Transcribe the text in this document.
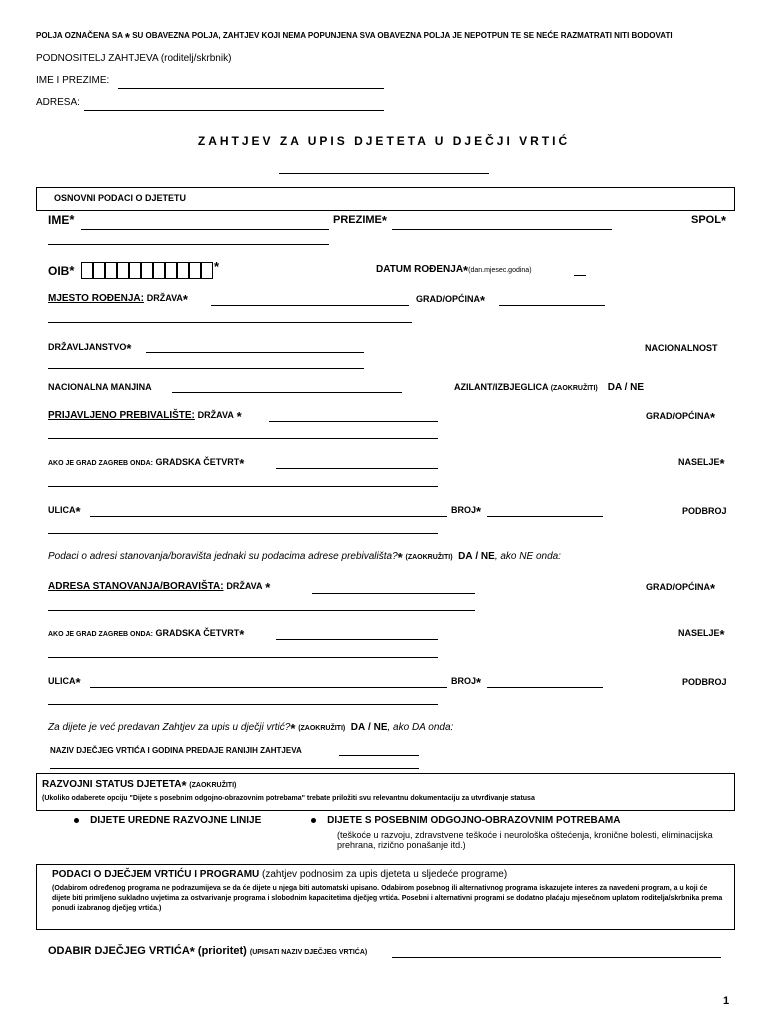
POLJA OZNAČENA SA * SU OBAVEZNA POLJA, ZAHTJEV KOJI NEMA POPUNJENA SVA OBAVEZNA POLJA JE NEPOTPUN TE SE NEĆE RAZMATRATI NITI BODOVATI
PODNOSITELJ ZAHTJEVA (roditelj/skrbnik)
IME I PREZIME:
ADRESA:
ZAHTJEV ZA UPIS DJETETA U DJEČJI VRTIĆ
OSNOVNI PODACI O DJETETU
IME*	PREZIME*	SPOL*
OIB*	*	DATUM ROĐENJA*(dan.mjesec.godina)
MJESTO ROĐENJA: DRŽAVA*	GRAD/OPĆINA*
DRŽAVLJANSTVO*	NACIONALNOST
NACIONALNA MANJINA	AZILANT/IZBJEGLICA (ZAOKRUŽITI) DA / NE
PRIJAVLJENO PREBIVALIŠTE: DRŽAVA *	GRAD/OPĆINA*
AKO JE GRAD ZAGREB ONDA: GRADSKA ČETVRT*	NASELJE*
ULICA*	BROJ*	PODBROJ
Podaci o adresi stanovanja/boravišta jednaki su podacima adrese prebivališta?* (ZAOKRUŽITI) DA / NE, ako NE onda:
ADRESA STANOVANJA/BORAVIŠTA: DRŽAVA *	GRAD/OPĆINA*
AKO JE GRAD ZAGREB ONDA: GRADSKA ČETVRT*	NASELJE*
ULICA*	BROJ*	PODBROJ
Za dijete je već predavan Zahtjev za upis u dječji vrtić?* (ZAOKRUŽITI) DA / NE, ako DA onda:
NAZIV DJEČJEG VRTIĆA I GODINA PREDAJE RANIJIH ZAHTJEVA
RAZVOJNI STATUS DJETETA* (ZAOKRUŽITI)
(Ukoliko odaberete opciju "Dijete s posebnim odgojno-obrazovnim potrebama" trebate priložiti svu relevantnu dokumentaciju za utvrđivanje statusa
DIJETE UREDNE RAZVOJNE LINIJE	DIJETE S POSEBNIM ODGOJNO-OBRAZOVNIM POTREBAMA
(teškoće u razvoju, zdravstvene teškoće i neurološka oštećenja, kronične bolesti, eliminacijska prehrana, rizično ponašanje itd.)
PODACI O DJEČJEM VRTIĆU I PROGRAMU (zahtjev podnosim za upis djeteta u sljedeće programe)
(Odabirom određenog programa ne podrazumijeva se da će dijete u njega biti automatski upisano. Odabirom posebnog ili alternativnog programa iskazujete interes za navedeni program, a u koji će dijete biti primljeno sukladno uvjetima za ostvarivanje programa i slobodnim kapacitetima dječjeg vrtića. Posebni i alternativni programi se dodatno plaćaju mjesečnom uplatom roditelja/skrbnika prema ponudi izabranog dječjeg vrtića.)
ODABIR DJEČJEG VRTIĆA* (prioritet) (UPISATI NAZIV DJEČJEG VRTIĆA)
1
